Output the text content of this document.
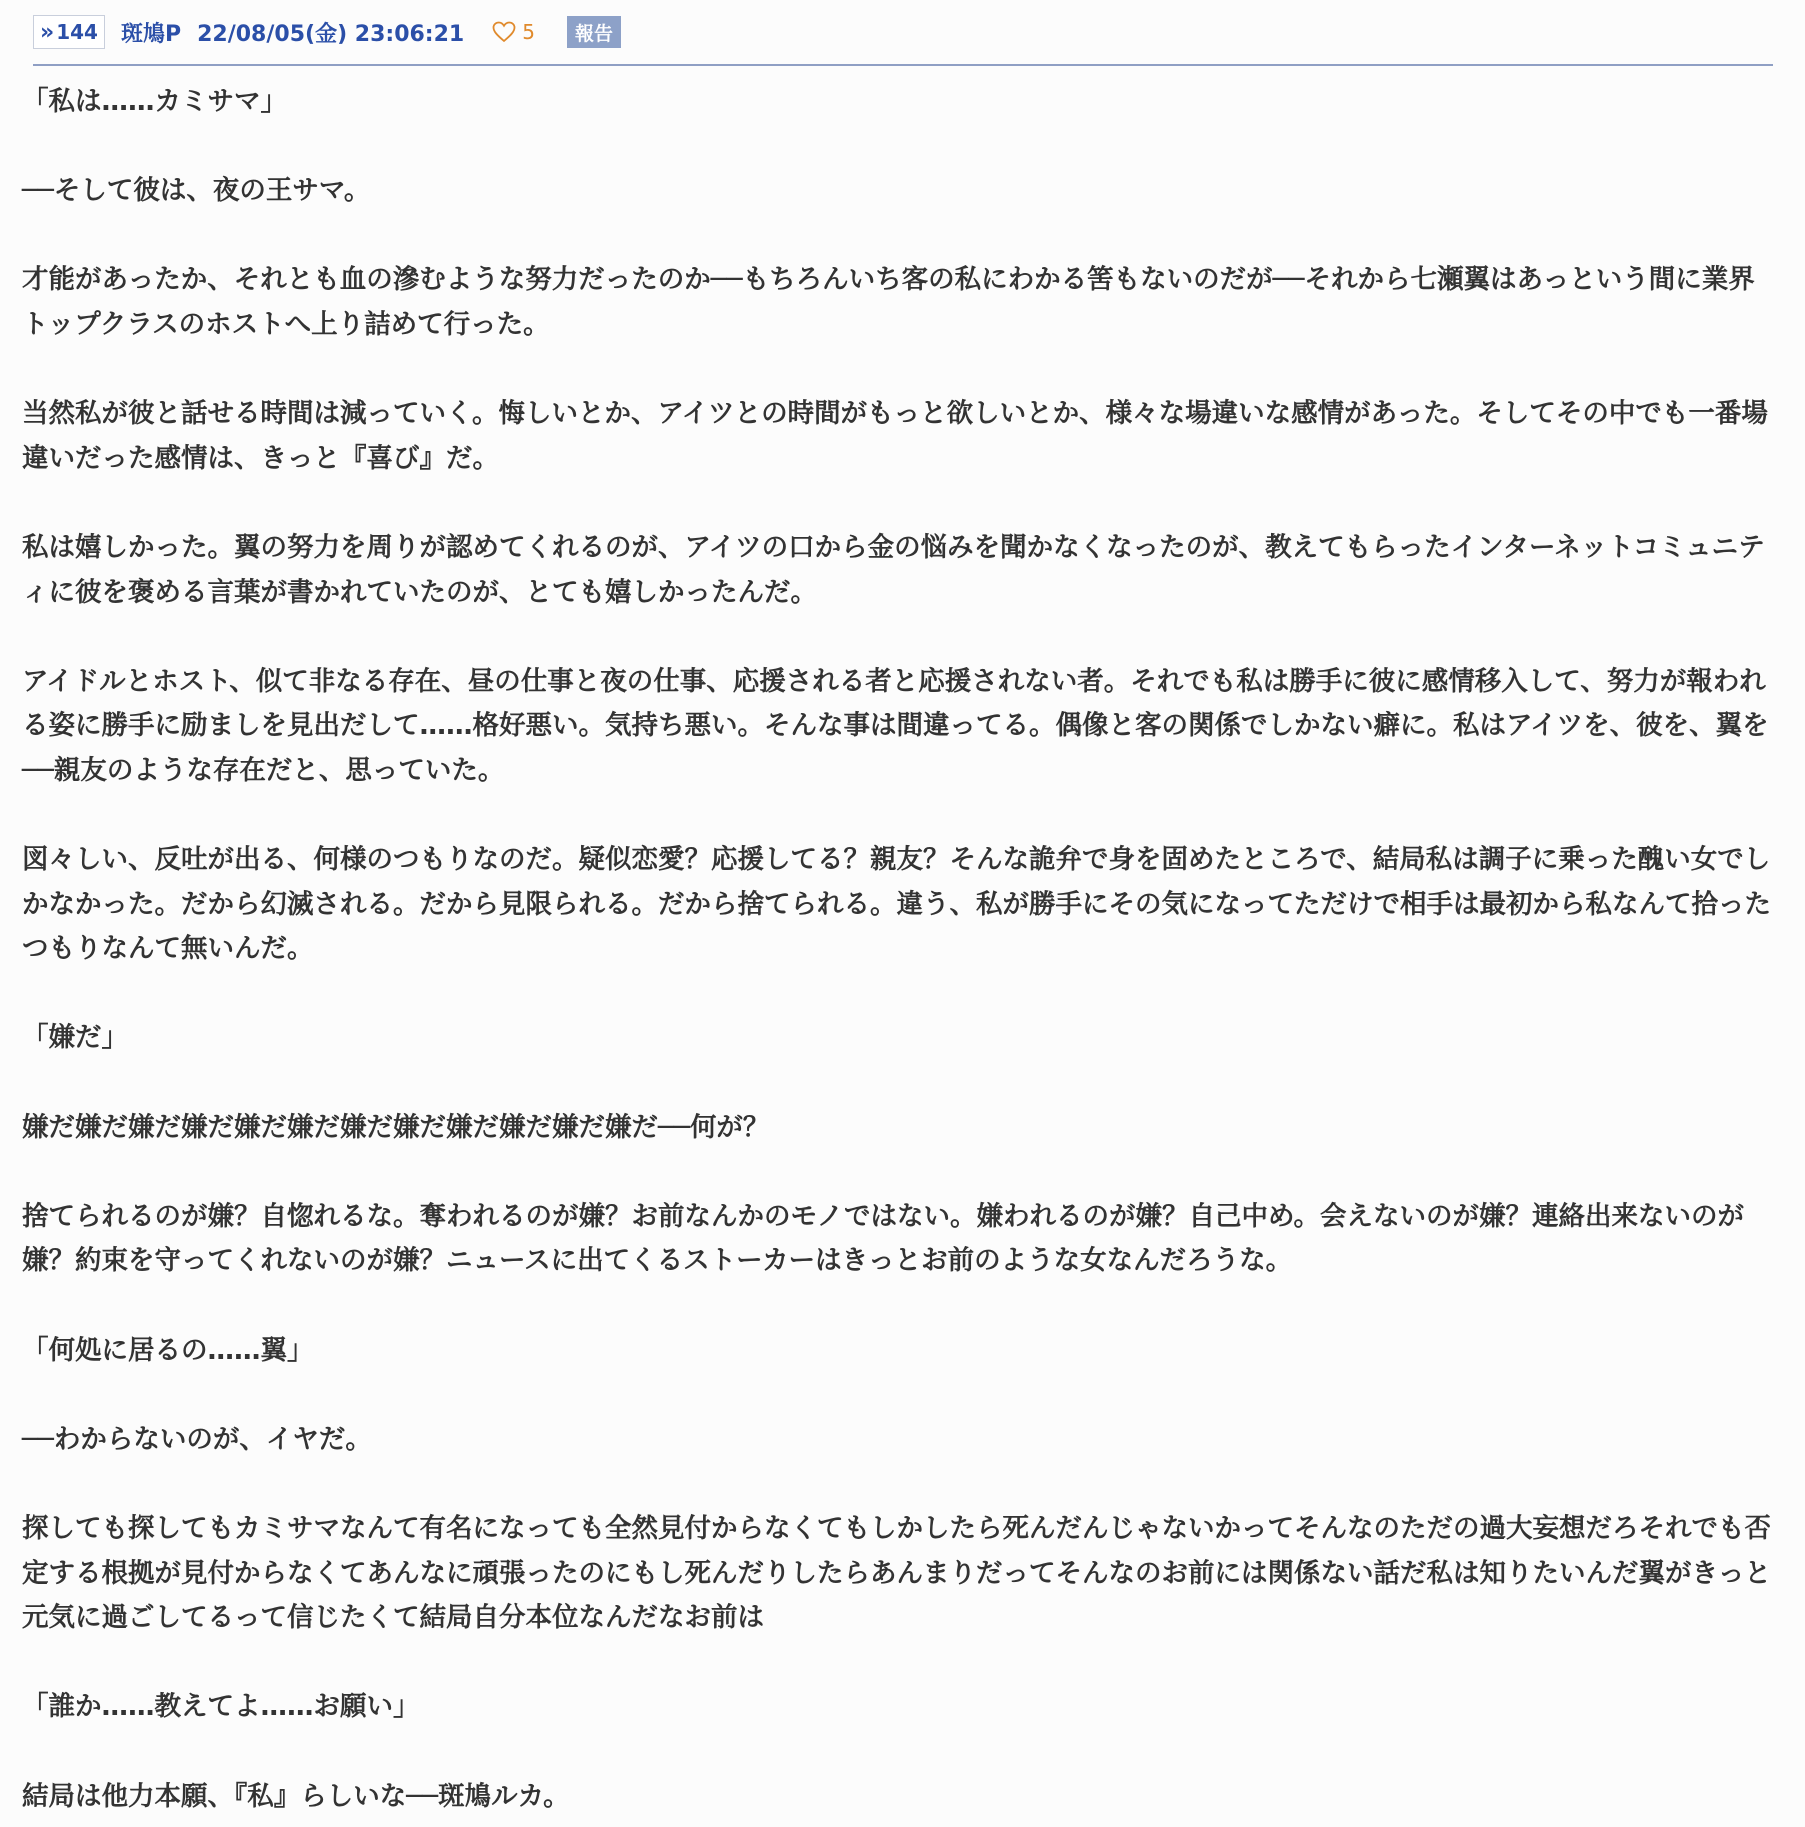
» 144 斑鳩P 22/08/05(金) 23:06:21	5	報告

「私は……カミサマ」

──そして彼は、夜の王サマ。

才能があったか、それとも血の滲むような努力だったのか──もちろんいち客の私にわかる筈もないのだが──それから七瀬翼はあっという間に業界トップクラスのホストへ上り詰めて行った。

当然私が彼と話せる時間は減っていく。悔しいとか、アイツとの時間がもっと欲しいとか、様々な場違いな感情があった。そしてその中でも一番場違いだった感情は、きっと『喜び』だ。

私は嬉しかった。翼の努力を周りが認めてくれるのが、アイツの口から金の悩みを聞かなくなったのが、教えてもらったインターネットコミュニティに彼を褒める言葉が書かれていたのが、とても嬉しかったんだ。

アイドルとホスト、似て非なる存在、昼の仕事と夜の仕事、応援される者と応援されない者。それでも私は勝手に彼に感情移入して、努力が報われる姿に勝手に励ましを見出だして……格好悪い。気持ち悪い。そんな事は間違ってる。偶像と客の関係でしかない癖に。私はアイツを、彼を、翼を──親友のような存在だと、思っていた。

図々しい、反吐が出る、何様のつもりなのだ。疑似恋愛？応援してる？親友？そんな詭弁で身を固めたところで、結局私は調子に乗った醜い女でしかなかった。だから幻滅される。だから見限られる。だから捨てられる。違う、私が勝手にその気になってただけで相手は最初から私なんて拾ったつもりなんて無いんだ。

「嫌だ」

嫌だ嫌だ嫌だ嫌だ嫌だ嫌だ嫌だ嫌だ嫌だ嫌だ嫌だ嫌だ──何が？

捨てられるのが嫌？自惚れるな。奪われるのが嫌？お前なんかのモノではない。嫌われるのが嫌？自己中め。会えないのが嫌？連絡出来ないのが嫌？約束を守ってくれないのが嫌？ニュースに出てくるストーカーはきっとお前のような女なんだろうな。

「何処に居るの……翼」

──わからないのが、イヤだ。

探しても探してもカミサマなんて有名になっても全然見付からなくてもしかしたら死んだんじゃないかってそんなのただの過大妄想だろそれでも否定する根拠が見付からなくてあんなに頑張ったのにもし死んだりしたらあんまりだってそんなのお前には関係ない話だ私は知りたいんだ翼がきっと元気に過ごしてるって信じたくて結局自分本位なんだなお前は

「誰か……教えてよ……お願い」

結局は他力本願、『私』らしいな──斑鳩ルカ。
